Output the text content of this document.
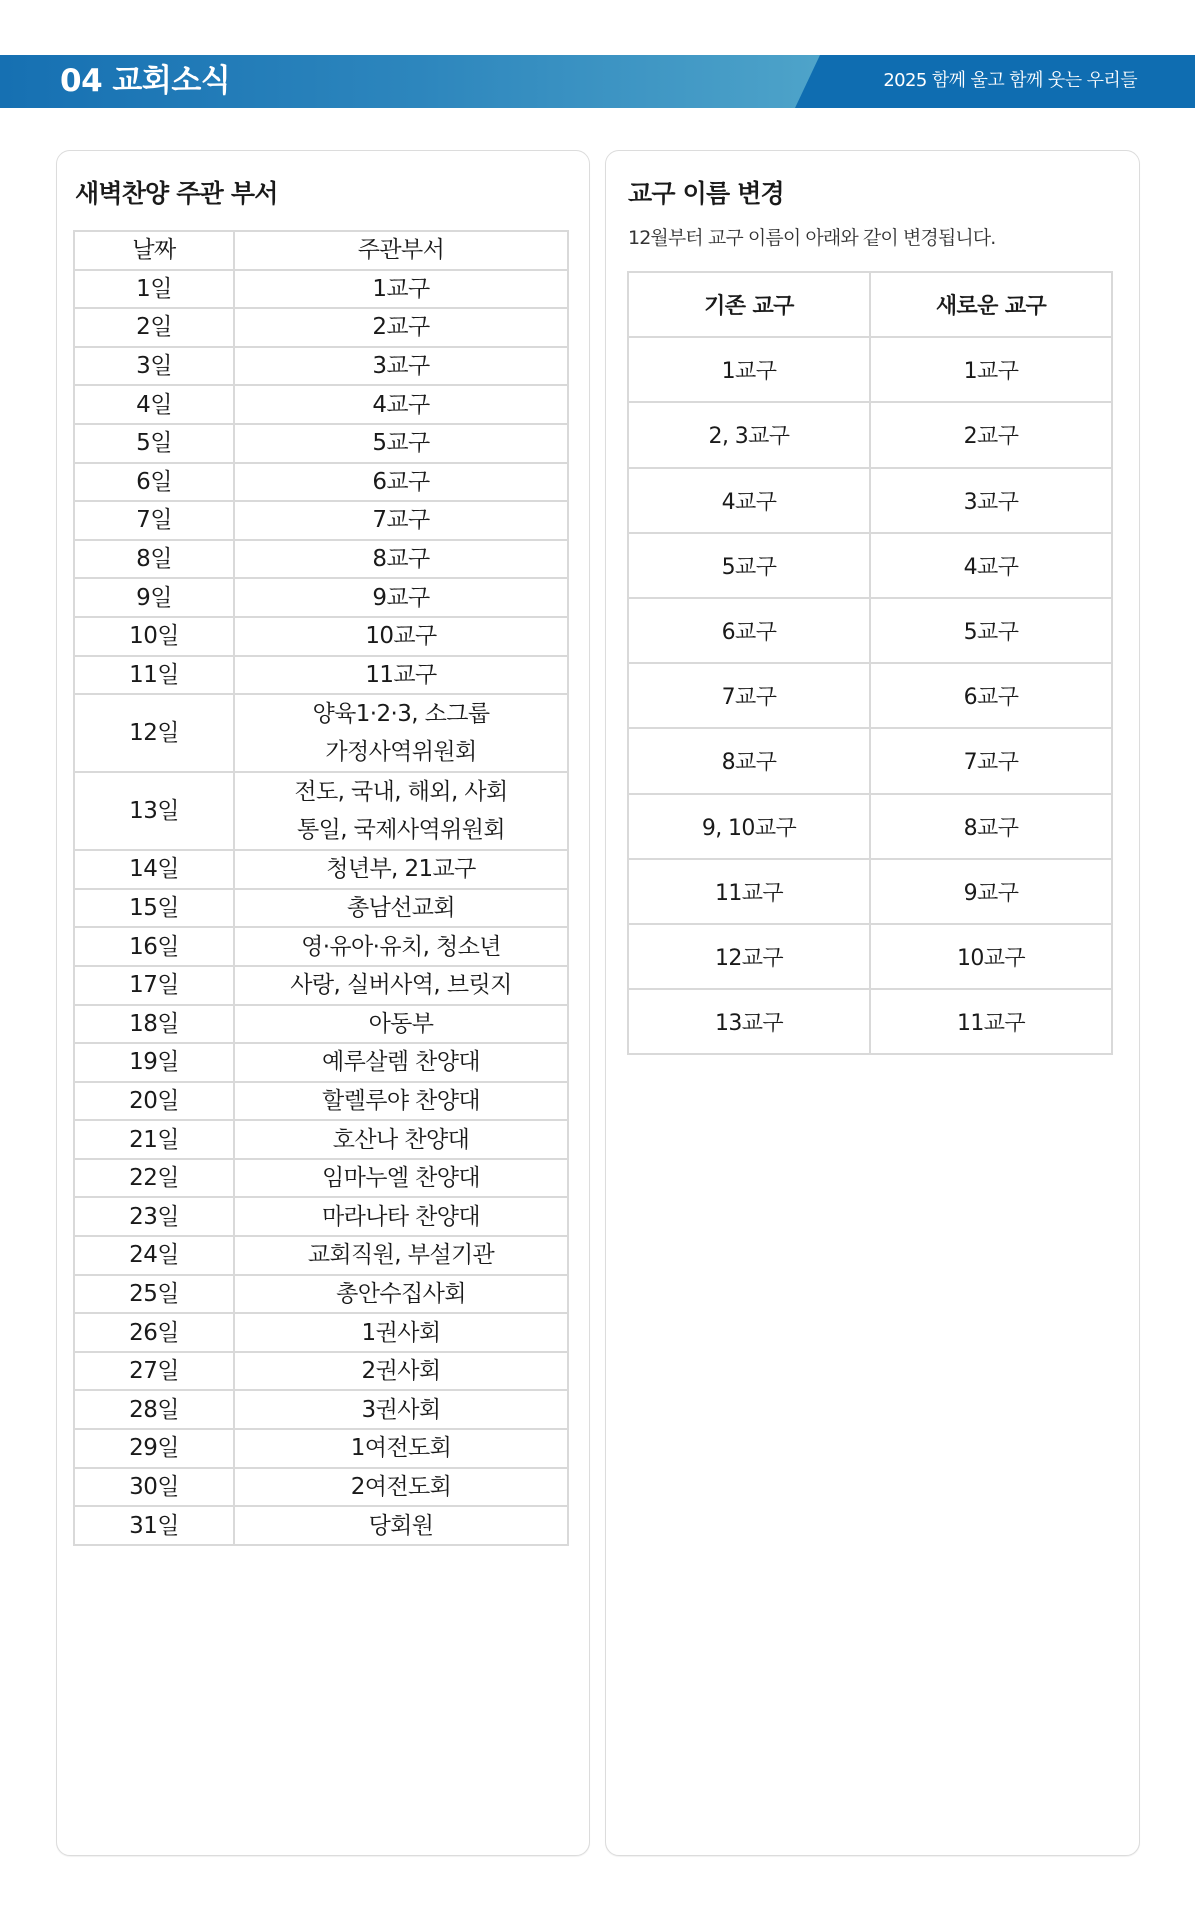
04 교회소식	2025 함께 울고 함께 웃는 우리들
새벽찬양 주관 부서
날짜	주관부서
1일	1교구
2일	2교구
3일	3교구
4일	4교구
5일	5교구
6일	6교구
7일	7교구
8일	8교구
9일	9교구
10일	10교구
11일	11교구
12일	양육1·2·3, 소그룹
가정사역위원회

13일	전도, 국내, 해외, 사회
통일, 국제사역위원회

14일	청년부, 21교구
15일	총남선교회
16일	영·유아·유치, 청소년
17일	사랑, 실버사역, 브릿지
18일	아동부
19일	예루살렘 찬양대
20일	할렐루야 찬양대
21일	호산나 찬양대
22일	임마누엘 찬양대
23일	마라나타 찬양대
24일	교회직원, 부설기관
25일	총안수집사회
26일	1권사회
27일	2권사회
28일	3권사회
29일	1여전도회
30일	2여전도회
31일	당회원
교구 이름 변경
12월부터 교구 이름이 아래와 같이 변경됩니다.
기존 교구	새로운 교구
1교구	1교구
2, 3교구	2교구
4교구	3교구
5교구	4교구
6교구	5교구
7교구	6교구
8교구	7교구
9, 10교구	8교구
11교구	9교구
12교구	10교구
13교구	11교구
